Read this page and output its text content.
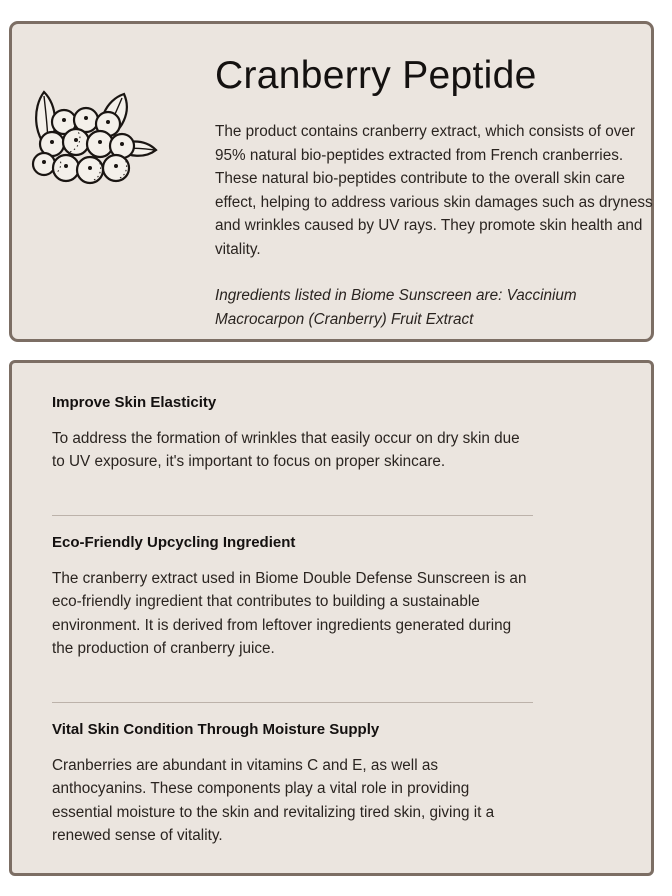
Cranberry Peptide

The product contains cranberry extract, which consists of over 95% natural bio-peptides extracted from French cranberries. These natural bio-peptides contribute to the overall skin care effect, helping to address various skin damages such as dryness and wrinkles caused by UV rays. They promote skin health and vitality.

Ingredients listed in Biome Sunscreen are: Vaccinium Macrocarpon (Cranberry) Fruit Extract

Improve Skin Elasticity

To address the formation of wrinkles that easily occur on dry skin due to UV exposure, it's important to focus on proper skincare.

Eco-Friendly Upcycling Ingredient

The cranberry extract used in Biome Double Defense Sunscreen is an eco-friendly ingredient that contributes to building a sustainable environment. It is derived from leftover ingredients generated during the production of cranberry juice.

Vital Skin Condition Through Moisture Supply

Cranberries are abundant in vitamins C and E, as well as anthocyanins. These components play a vital role in providing essential moisture to the skin and revitalizing tired skin, giving it a renewed sense of vitality.
